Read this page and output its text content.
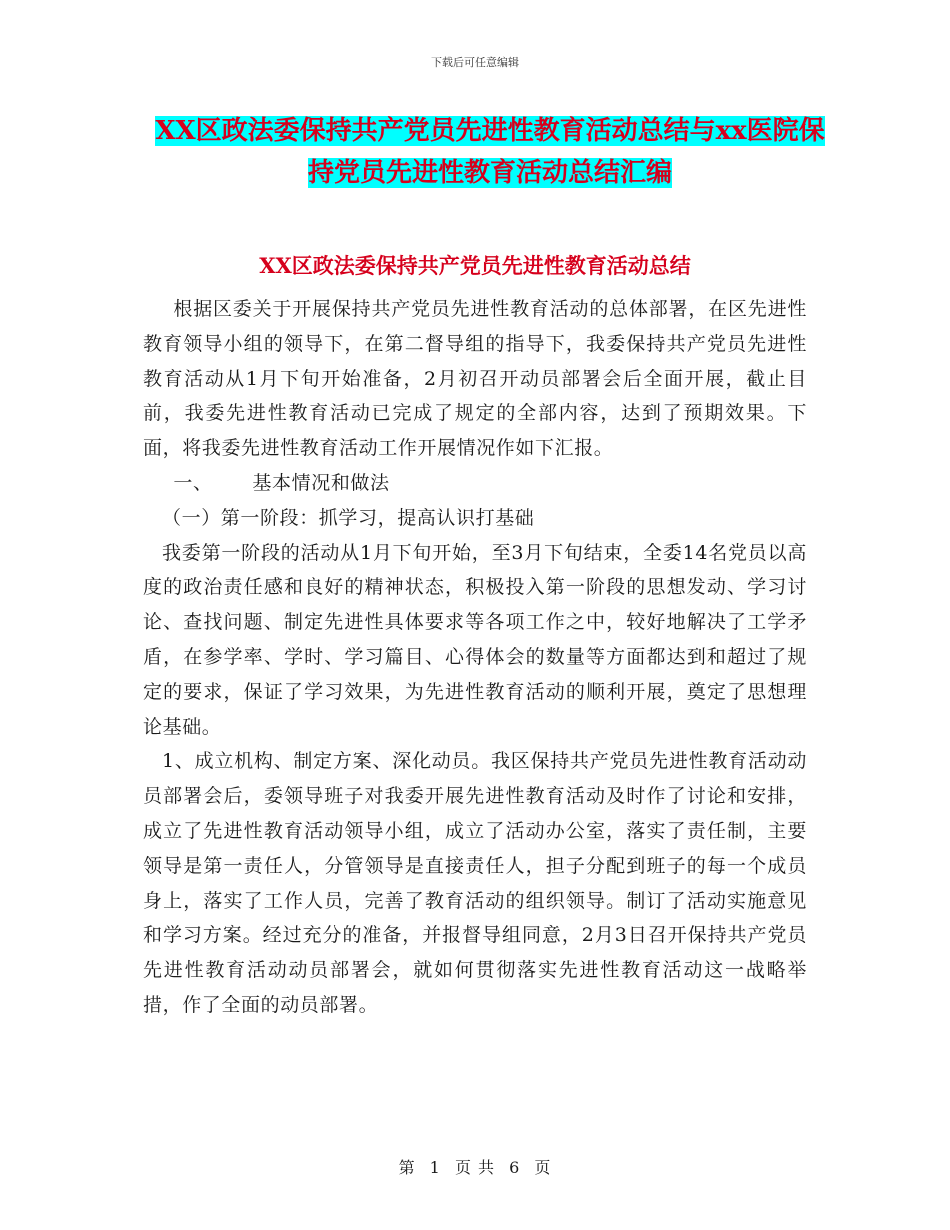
下载后可任意编辑
XX区政法委保持共产党员先进性教育活动总结与xx医院保持党员先进性教育活动总结汇编
XX区政法委保持共产党员先进性教育活动总结

根据区委关于开展保持共产党员先进性教育活动的总体部署，在区先进性教育领导小组的领导下，在第二督导组的指导下，我委保持共产党员先进性教育活动从1月下旬开始准备，2月初召开动员部署会后全面开展，截止目前，我委先进性教育活动已完成了规定的全部内容，达到了预期效果。下面，将我委先进性教育活动工作开展情况作如下汇报。

一、      基本情况和做法

（一）第一阶段：抓学习，提高认识打基础

我委第一阶段的活动从1月下旬开始，至3月下旬结束，全委14名党员以高度的政治责任感和良好的精神状态，积极投入第一阶段的思想发动、学习讨论、查找问题、制定先进性具体要求等各项工作之中，较好地解决了工学矛盾，在参学率、学时、学习篇目、心得体会的数量等方面都达到和超过了规定的要求，保证了学习效果，为先进性教育活动的顺利开展，奠定了思想理论基础。

1、成立机构、制定方案、深化动员。我区保持共产党员先进性教育活动动员部署会后，委领导班子对我委开展先进性教育活动及时作了讨论和安排，成立了先进性教育活动领导小组，成立了活动办公室，落实了责任制，主要领导是第一责任人，分管领导是直接责任人，担子分配到班子的每一个成员身上，落实了工作人员，完善了教育活动的组织领导。制订了活动实施意见和学习方案。经过充分的准备，并报督导组同意，2月3日召开保持共产党员先进性教育活动动员部署会，就如何贯彻落实先进性教育活动这一战略举措，作了全面的动员部署。

第 1 页 共 6 页
